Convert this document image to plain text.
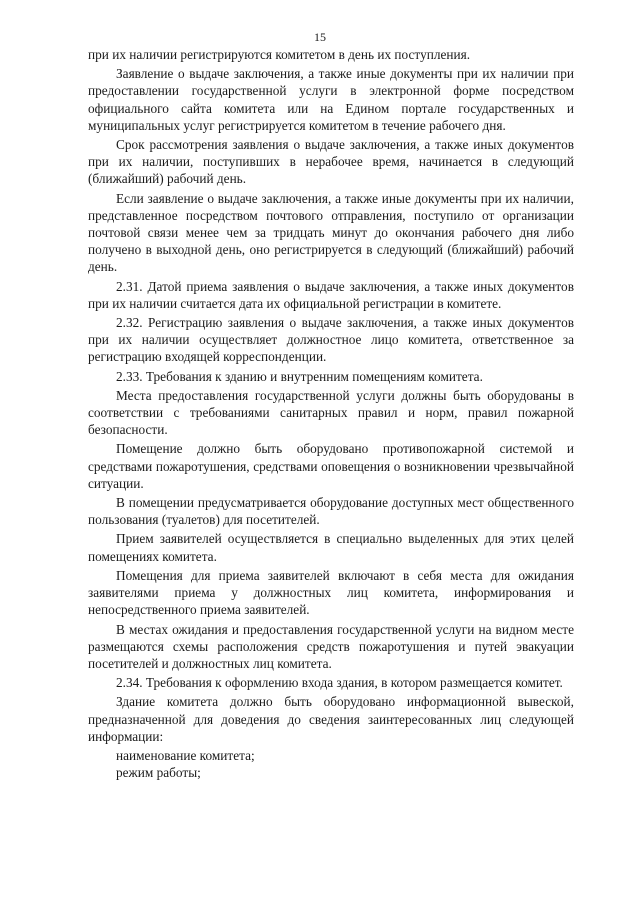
15

при их наличии регистрируются комитетом в день их поступления.

Заявление о выдаче заключения, а также иные документы при их наличии при предоставлении государственной услуги в электронной форме посредством официального сайта комитета или на Едином портале государственных и муниципальных услуг регистрируется комитетом в течение рабочего дня.

Срок рассмотрения заявления о выдаче заключения, а также иных документов при их наличии, поступивших в нерабочее время, начинается в следующий (ближайший) рабочий день.

Если заявление о выдаче заключения, а также иные документы при их наличии, представленное посредством почтового отправления, поступило от организации почтовой связи менее чем за тридцать минут до окончания рабочего дня либо получено в выходной день, оно регистрируется в следующий (ближайший) рабочий день.

2.31. Датой приема заявления о выдаче заключения, а также иных документов при их наличии считается дата их официальной регистрации в комитете.

2.32. Регистрацию заявления о выдаче заключения, а также иных документов при их наличии осуществляет должностное лицо комитета, ответственное за регистрацию входящей корреспонденции.

2.33. Требования к зданию и внутренним помещениям комитета.

Места предоставления государственной услуги должны быть оборудованы в соответствии с требованиями санитарных правил и норм, правил пожарной безопасности.

Помещение должно быть оборудовано противопожарной системой и средствами пожаротушения, средствами оповещения о возникновении чрезвычайной ситуации.

В помещении предусматривается оборудование доступных мест общественного пользования (туалетов) для посетителей.

Прием заявителей осуществляется в специально выделенных для этих целей помещениях комитета.

Помещения для приема заявителей включают в себя места для ожидания заявителями приема у должностных лиц комитета, информирования и непосредственного приема заявителей.

В местах ожидания и предоставления государственной услуги на видном месте размещаются схемы расположения средств пожаротушения и путей эвакуации посетителей и должностных лиц комитета.

2.34. Требования к оформлению входа здания, в котором размещается комитет.

Здание комитета должно быть оборудовано информационной вывеской, предназначенной для доведения до сведения заинтересованных лиц следующей информации:

наименование комитета;

режим работы;
